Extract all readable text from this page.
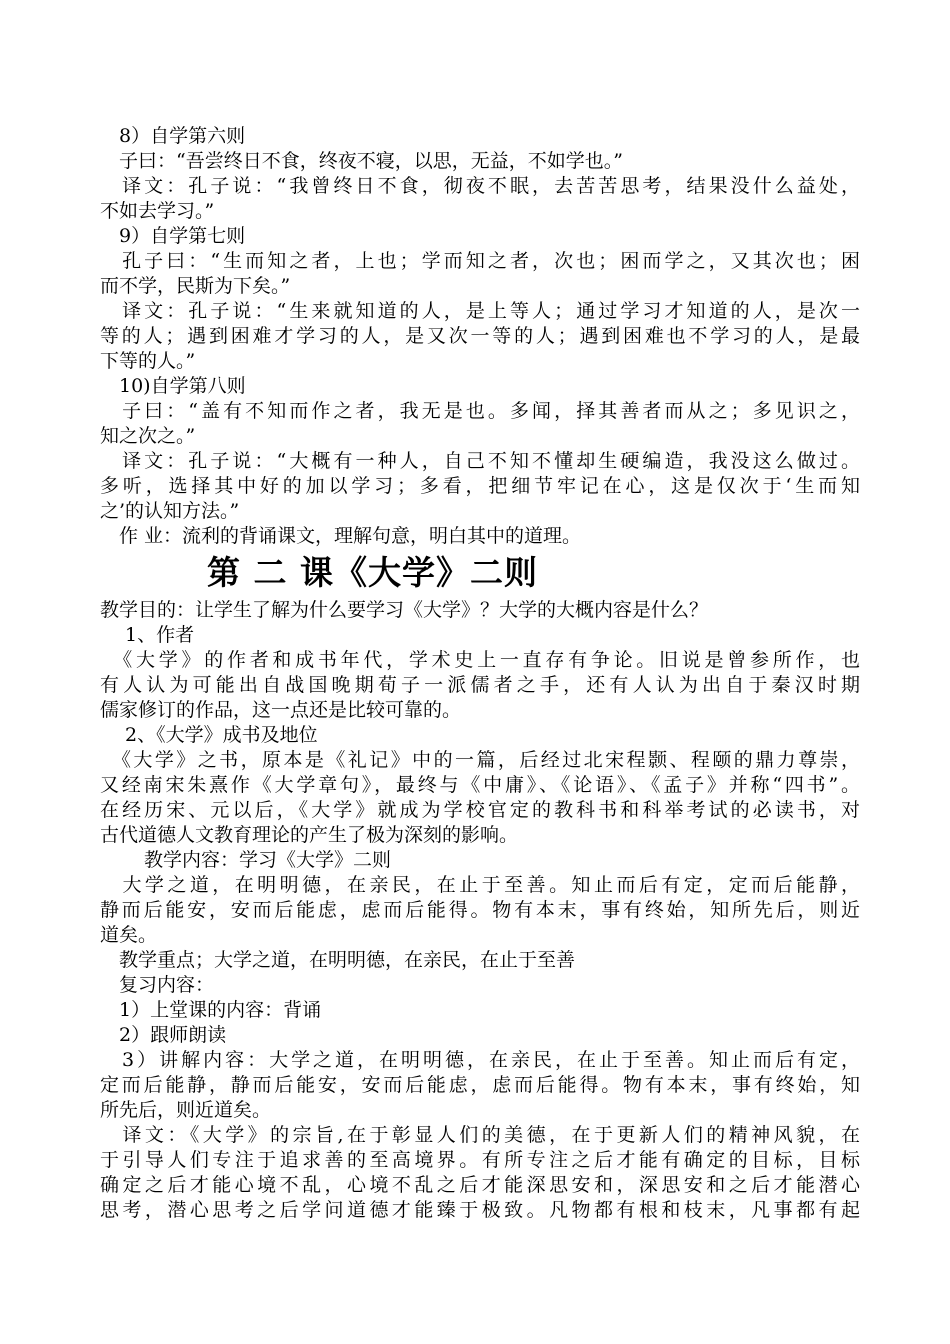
　8）自学第六则
　子曰：“吾尝终日不食，终夜不寝，以思，无益，不如学也。”
　译文：孔子说：“我曾终日不食，彻夜不眠，去苦苦思考，结果没什么益处，
不如去学习。”
　9）自学第七则
　孔子曰：“生而知之者，上也；学而知之者，次也；困而学之，又其次也；困
而不学，民斯为下矣。”
　译文：孔子说：“生来就知道的人，是上等人；通过学习才知道的人，是次一
等的人；遇到困难才学习的人，是又次一等的人；遇到困难也不学习的人，是最
下等的人。”
　10)自学第八则
　子曰：“盖有不知而作之者，我无是也。多闻，择其善者而从之；多见识之，
知之次之。”
　译文：孔子说：“大概有一种人，自己不知不懂却生硬编造，我没这么做过。
多听，选择其中好的加以学习；多看，把细节牢记在心，这是仅次于‘生而知
之’的认知方法。”
　作 业：流利的背诵课文，理解句意，明白其中的道理。
第 二 课《大学》二则
教学目的：让学生了解为什么要学习《大学》？大学的大概内容是什么？
　 1、作者
　《大学》的作者和成书年代，学术史上一直存有争论。旧说是曾参所作，也
有人认为可能出自战国晚期荀子一派儒者之手，还有人认为出自于秦汉时期
儒家修订的作品，这一点还是比较可靠的。
　 2、《大学》成书及地位
　《大学》之书，原本是《礼记》中的一篇，后经过北宋程颢、程颐的鼎力尊崇，
又经南宋朱熹作《大学章句》，最终与《中庸》、《论语》、《孟子》并称“四书”。
在经历宋、元以后，《大学》就成为学校官定的教科书和科举考试的必读书，对
古代道德人文教育理论的产生了极为深刻的影响。
　　 教学内容：学习《大学》二则
　大学之道，在明明德，在亲民，在止于至善。知止而后有定，定而后能静，
静而后能安，安而后能虑，虑而后能得。物有本末，事有终始，知所先后，则近
道矣。
　教学重点；大学之道，在明明德，在亲民，在止于至善
　复习内容：
　1）上堂课的内容：背诵
　2）跟师朗读
　3）讲解内容：大学之道，在明明德，在亲民，在止于至善。知止而后有定，
定而后能静，静而后能安，安而后能虑，虑而后能得。物有本末，事有终始，知
所先后，则近道矣。
　译文：《大学》的宗旨,在于彰显人们的美德，在于更新人们的精神风貌，在
于引导人们专注于追求善的至高境界。有所专注之后才能有确定的目标，目标
确定之后才能心境不乱，心境不乱之后才能深思安和，深思安和之后才能潜心
思考，潜心思考之后学问道德才能臻于极致。凡物都有根和枝末，凡事都有起
